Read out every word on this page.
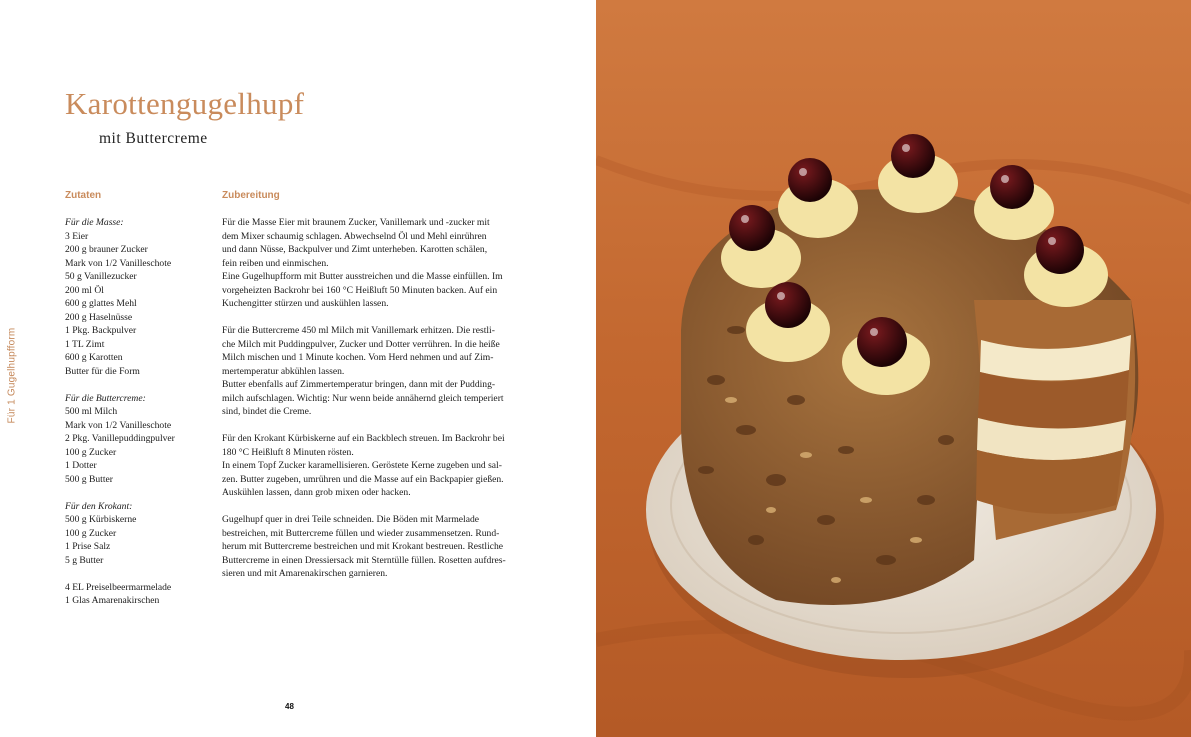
Für 1 Gugelhupfform
Karottengugelhupf
mit Buttercreme
Zutaten	Zubereitung
Für die Masse:
3 Eier
200 g brauner Zucker
Mark von 1/2 Vanilleschote
50 g Vanillezucker
200 ml Öl
600 g glattes Mehl
200 g Haselnüsse
1 Pkg. Backpulver
1 TL Zimt
600 g Karotten
Butter für die Form
Für die Buttercreme:
500 ml Milch
Mark von 1/2 Vanilleschote
2 Pkg. Vanillepuddingpulver
100 g Zucker
1 Dotter
500 g Butter
Für den Krokant:
500 g Kürbiskerne
100 g Zucker
1 Prise Salz
5 g Butter
4 EL Preiselbeermarmelade
1 Glas Amarenakirschen

Für die Masse Eier mit braunem Zucker, Vanillemark und -zucker mit
dem Mixer schaumig schlagen. Abwechselnd Öl und Mehl einrühren
und dann Nüsse, Backpulver und Zimt unterheben. Karotten schälen,
fein reiben und einmischen.
Eine Gugelhupfform mit Butter ausstreichen und die Masse einfüllen. Im
vorgeheizten Backrohr bei 160 °C Heißluft 50 Minuten backen. Auf ein
Kuchengitter stürzen und auskühlen lassen.

Für die Buttercreme 450 ml Milch mit Vanillemark erhitzen. Die restli-
che Milch mit Puddingpulver, Zucker und Dotter verrühren. In die heiße
Milch mischen und 1 Minute kochen. Vom Herd nehmen und auf Zim-
mertemperatur abkühlen lassen.
Butter ebenfalls auf Zimmertemperatur bringen, dann mit der Pudding-
milch aufschlagen. Wichtig: Nur wenn beide annähernd gleich temperiert
sind, bindet die Creme.

Für den Krokant Kürbiskerne auf ein Backblech streuen. Im Backrohr bei
180 °C Heißluft 8 Minuten rösten.
In einem Topf Zucker karamellisieren. Geröstete Kerne zugeben und sal-
zen. Butter zugeben, umrühren und die Masse auf ein Backpapier gießen.
Auskühlen lassen, dann grob mixen oder hacken.

Gugelhupf quer in drei Teile schneiden. Die Böden mit Marmelade
bestreichen, mit Buttercreme füllen und wieder zusammensetzen. Rund-
herum mit Buttercreme bestreichen und mit Krokant bestreuen. Restliche
Buttercreme in einen Dressiersack mit Sterntülle füllen. Rosetten aufdres-
sieren und mit Amarenakirschen garnieren.

48
